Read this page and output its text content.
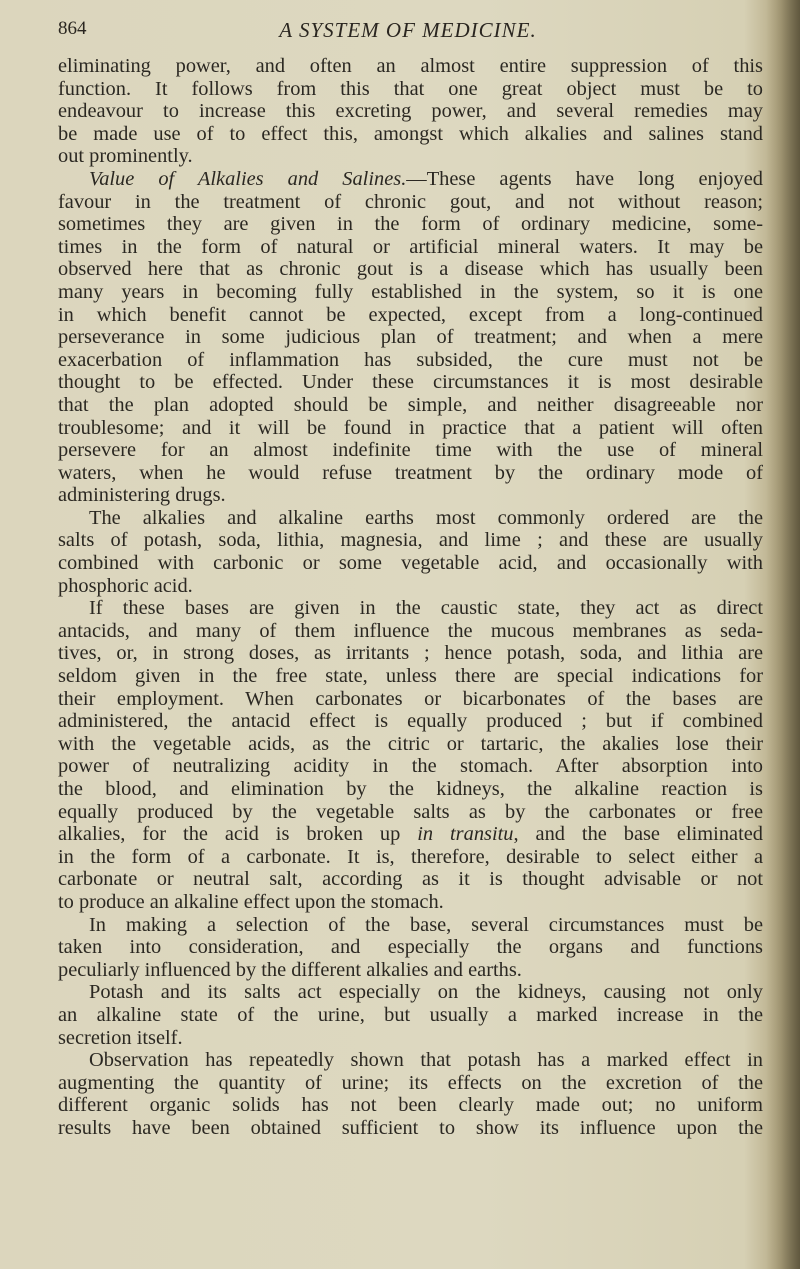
864	A SYSTEM OF MEDICINE.
eliminating power, and often an almost entire suppression of this
function. It follows from this that one great object must be to
endeavour to increase this excreting power, and several remedies may
be made use of to effect this, amongst which alkalies and salines stand
out prominently.
Value of Alkalies and Salines.—These agents have long enjoyed
favour in the treatment of chronic gout, and not without reason;
sometimes they are given in the form of ordinary medicine, some-
times in the form of natural or artificial mineral waters. It may be
observed here that as chronic gout is a disease which has usually been
many years in becoming fully established in the system, so it is one
in which benefit cannot be expected, except from a long-continued
perseverance in some judicious plan of treatment; and when a mere
exacerbation of inflammation has subsided, the cure must not be
thought to be effected. Under these circumstances it is most desirable
that the plan adopted should be simple, and neither disagreeable nor
troublesome; and it will be found in practice that a patient will often
persevere for an almost indefinite time with the use of mineral
waters, when he would refuse treatment by the ordinary mode of
administering drugs.
The alkalies and alkaline earths most commonly ordered are the
salts of potash, soda, lithia, magnesia, and lime ; and these are usually
combined with carbonic or some vegetable acid, and occasionally with
phosphoric acid.
If these bases are given in the caustic state, they act as direct
antacids, and many of them influence the mucous membranes as seda-
tives, or, in strong doses, as irritants ; hence potash, soda, and lithia are
seldom given in the free state, unless there are special indications for
their employment. When carbonates or bicarbonates of the bases are
administered, the antacid effect is equally produced ; but if combined
with the vegetable acids, as the citric or tartaric, the akalies lose their
power of neutralizing acidity in the stomach. After absorption into
the blood, and elimination by the kidneys, the alkaline reaction is
equally produced by the vegetable salts as by the carbonates or free
alkalies, for the acid is broken up in transitu, and the base eliminated
in the form of a carbonate. It is, therefore, desirable to select either a
carbonate or neutral salt, according as it is thought advisable or not
to produce an alkaline effect upon the stomach.
In making a selection of the base, several circumstances must be
taken into consideration, and especially the organs and functions
peculiarly influenced by the different alkalies and earths.
Potash and its salts act especially on the kidneys, causing not only
an alkaline state of the urine, but usually a marked increase in the
secretion itself.
Observation has repeatedly shown that potash has a marked effect in
augmenting the quantity of urine; its effects on the excretion of the
different organic solids has not been clearly made out; no uniform
results have been obtained sufficient to show its influence upon the
